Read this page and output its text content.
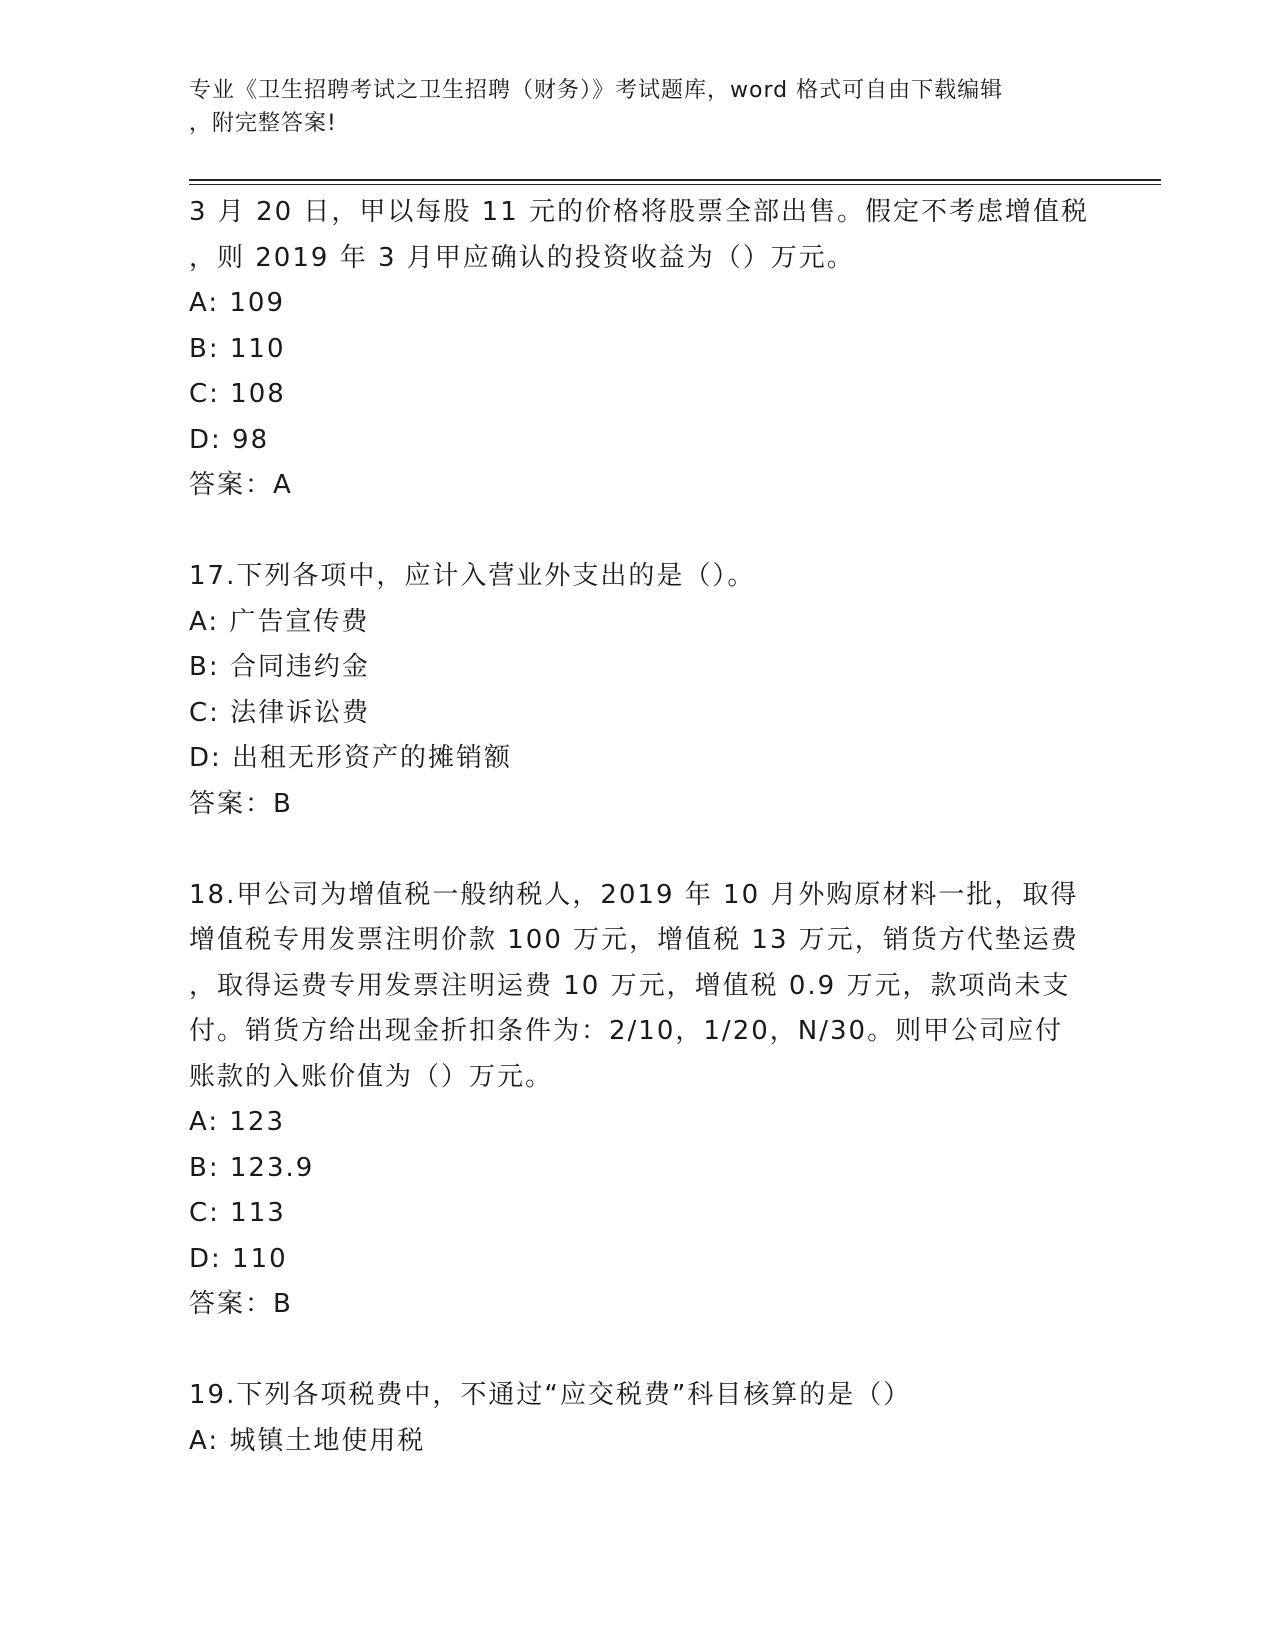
专业《卫生招聘考试之卫生招聘（财务）》考试题库，word 格式可自由下载编辑
，附完整答案!
3 月 20 日，甲以每股 11 元的价格将股票全部出售。假定不考虑增值税
，则 2019 年 3 月甲应确认的投资收益为（）万元。
A: 109
B: 110
C: 108
D: 98
答案：A
17.下列各项中，应计入营业外支出的是（）。
A: 广告宣传费
B: 合同违约金
C: 法律诉讼费
D: 出租无形资产的摊销额
答案：B
18.甲公司为增值税一般纳税人，2019 年 10 月外购原材料一批，取得
增值税专用发票注明价款 100 万元，增值税 13 万元，销货方代垫运费
，取得运费专用发票注明运费 10 万元，增值税 0.9 万元，款项尚未支
付。销货方给出现金折扣条件为：2/10，1/20，N/30。则甲公司应付
账款的入账价值为（）万元。
A: 123
B: 123.9
C: 113
D: 110
答案：B
19.下列各项税费中，不通过“应交税费”科目核算的是（）
A: 城镇土地使用税
